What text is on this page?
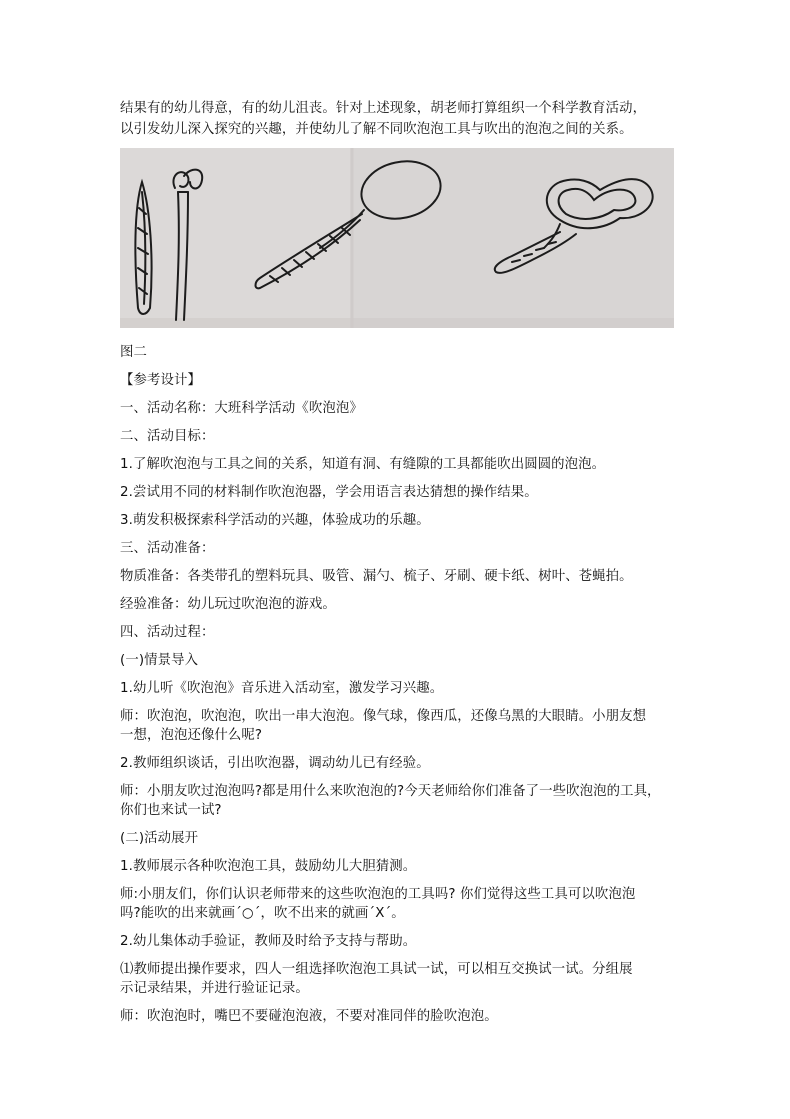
结果有的幼儿得意，有的幼儿沮丧。针对上述现象，胡老师打算组织一个科学教育活动，
以引发幼儿深入探究的兴趣，并使幼儿了解不同吹泡泡工具与吹出的泡泡之间的关系。
图二
【参考设计】
一、活动名称：大班科学活动《吹泡泡》
二、活动目标：
1.了解吹泡泡与工具之间的关系，知道有洞、有缝隙的工具都能吹出圆圆的泡泡。
2.尝试用不同的材料制作吹泡泡器，学会用语言表达猜想的操作结果。
3.萌发积极探索科学活动的兴趣，体验成功的乐趣。
三、活动准备：
物质准备：各类带孔的塑料玩具、吸管、漏勺、梳子、牙刷、硬卡纸、树叶、苍蝇拍。
经验准备：幼儿玩过吹泡泡的游戏。
四、活动过程：
(一)情景导入
1.幼儿听《吹泡泡》音乐进入活动室，激发学习兴趣。
师：吹泡泡，吹泡泡，吹出一串大泡泡。像气球，像西瓜，还像乌黑的大眼睛。小朋友想
一想，泡泡还像什么呢?
2.教师组织谈话，引出吹泡器，调动幼儿已有经验。
师：小朋友吹过泡泡吗?都是用什么来吹泡泡的?今天老师给你们准备了一些吹泡泡的工具，
你们也来试一试?
(二)活动展开
1.教师展示各种吹泡泡工具，鼓励幼儿大胆猜测。
师:小朋友们，你们认识老师带来的这些吹泡泡的工具吗? 你们觉得这些工具可以吹泡泡
吗?能吹的出来就画ˊ○ˊ，吹不出来的就画ˊXˊ。
2.幼儿集体动手验证，教师及时给予支持与帮助。
⑴教师提出操作要求，四人一组选择吹泡泡工具试一试，可以相互交换试一试。分组展
示记录结果，并进行验证记录。
师：吹泡泡时，嘴巴不要碰泡泡液，不要对准同伴的脸吹泡泡。
